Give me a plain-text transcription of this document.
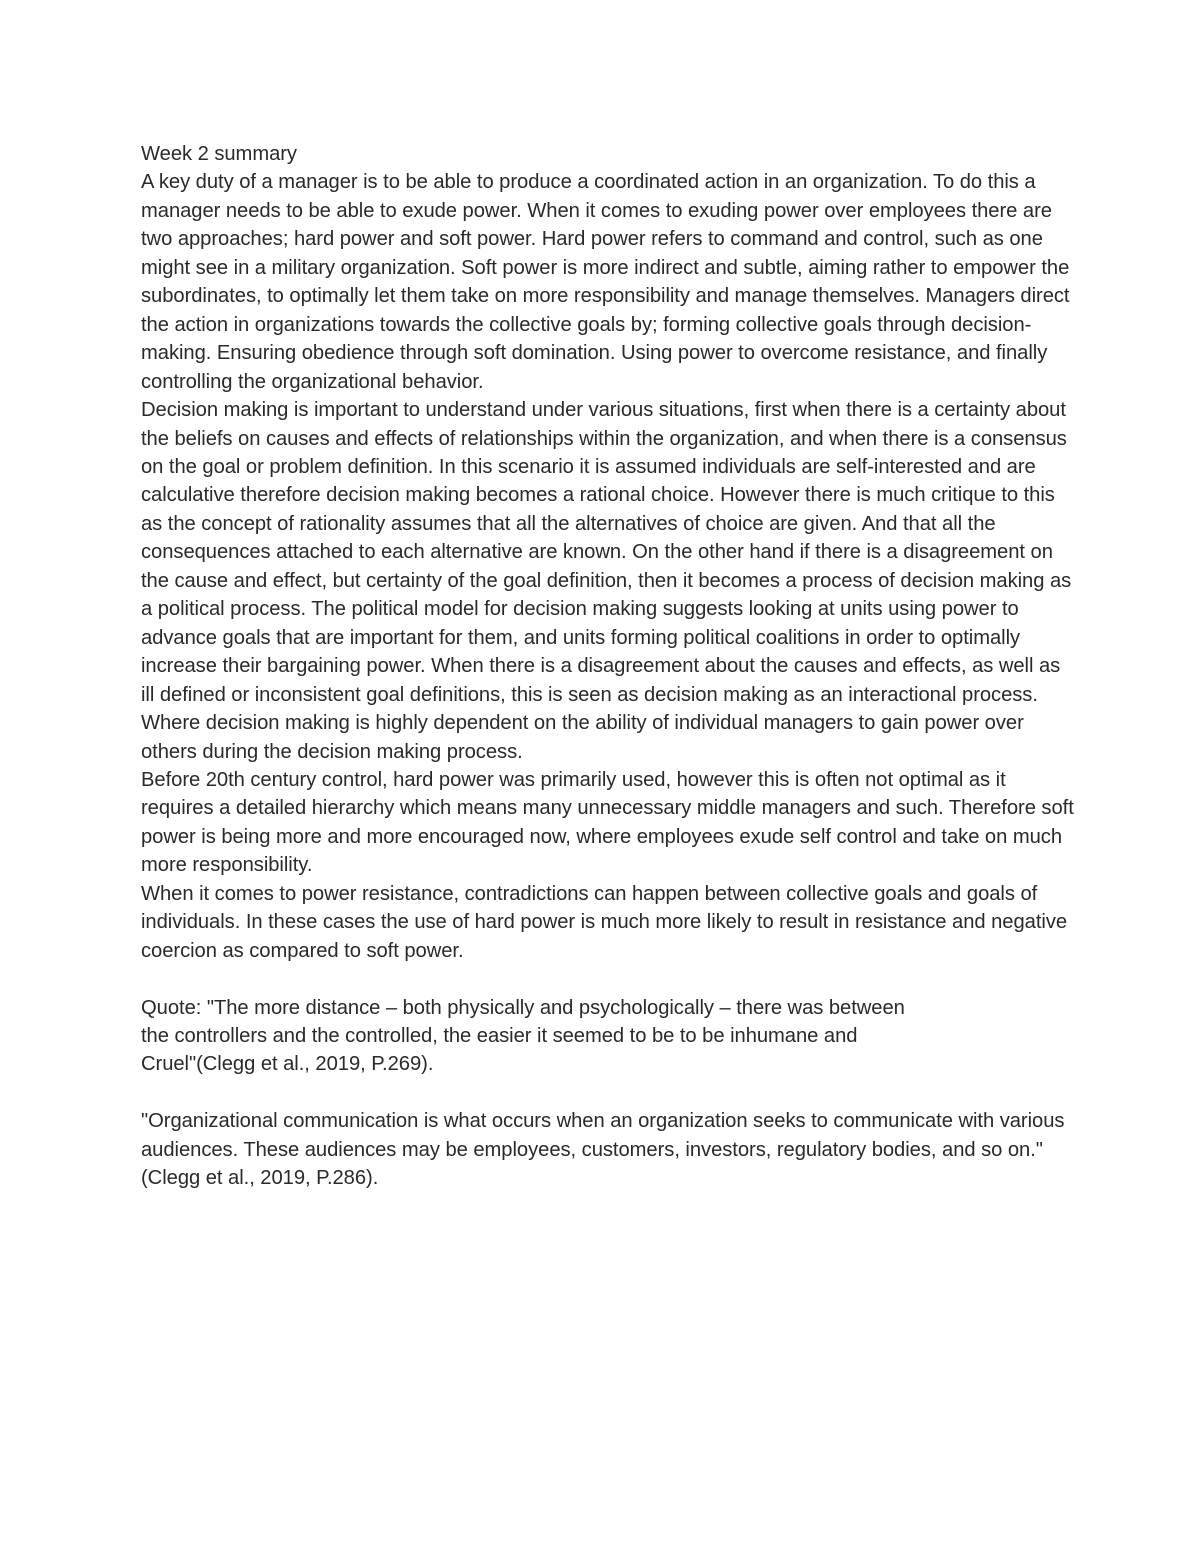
Week 2 summary

A key duty of a manager is to be able to produce a coordinated action in an organization. To do this a manager needs to be able to exude power. When it comes to exuding power over employees there are two approaches; hard power and soft power. Hard power refers to command and control, such as one might see in a military organization. Soft power is more indirect and subtle, aiming rather to empower the subordinates, to optimally let them take on more responsibility and manage themselves. Managers direct the action in organizations towards the collective goals by; forming collective goals through decision-making. Ensuring obedience through soft domination. Using power to overcome resistance, and finally controlling the organizational behavior.

Decision making is important to understand under various situations, first when there is a certainty about the beliefs on causes and effects of relationships within the organization, and when there is a consensus on the goal or problem definition. In this scenario it is assumed individuals are self-interested and are calculative therefore decision making becomes a rational choice. However there is much critique to this as the concept of rationality assumes that all the alternatives of choice are given. And that all the consequences attached to each alternative are known. On the other hand if there is a disagreement on the cause and effect, but certainty of the goal definition, then it becomes a process of decision making as a political process. The political model for decision making suggests looking at units using power to advance goals that are important for them, and units forming political coalitions in order to optimally increase their bargaining power. When there is a disagreement about the causes and effects, as well as ill defined or inconsistent goal definitions, this is seen as decision making as an interactional process. Where decision making is highly dependent on the ability of individual managers to gain power over others during the decision making process.

Before 20th century control, hard power was primarily used, however this is often not optimal as it requires a detailed hierarchy which means many unnecessary middle managers and such. Therefore soft power is being more and more encouraged now, where employees exude self control and take on much more responsibility.

When it comes to power resistance, contradictions can happen between collective goals and goals of individuals. In these cases the use of hard power is much more likely to result in resistance and negative coercion as compared to soft power.

Quote: "The more distance – both physically and psychologically – there was between
the controllers and the controlled, the easier it seemed to be to be inhumane and
Cruel"(Clegg et al., 2019, P.269).

"Organizational communication is what occurs when an organization seeks to communicate with various audiences. These audiences may be employees, customers, investors, regulatory bodies, and so on."(Clegg et al., 2019, P.286).
